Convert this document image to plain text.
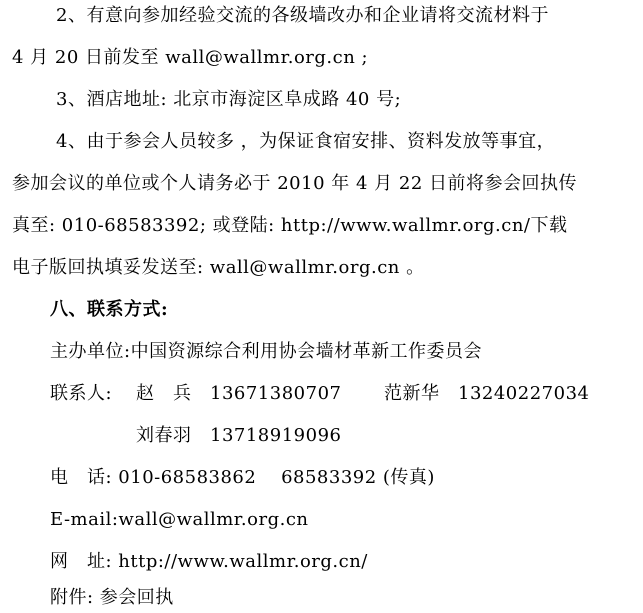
2、有意向参加经验交流的各级墙改办和企业请将交流材料于
4 月 20 日前发至 wall@wallmr.org.cn ;
3、酒店地址: 北京市海淀区阜成路 40 号;
4、由于参会人员较多 ，为保证食宿安排、资料发放等事宜，
参加会议的单位或个人请务必于 2010 年 4 月 22 日前将参会回执传
真至: 010-68583392; 或登陆: http://www.wallmr.org.cn/下载
电子版回执填妥发送至: wall@wallmr.org.cn 。
八、联系方式:
主办单位:中国资源综合利用协会墙材革新工作委员会
联系人: 赵　兵　13671380707 范新华　13240227034
刘春羽　13718919096
电　话: 010-68583862　 68583392 (传真)
E-mail:wall@wallmr.org.cn
网　址: http://www.wallmr.org.cn/
附件: 参会回执
